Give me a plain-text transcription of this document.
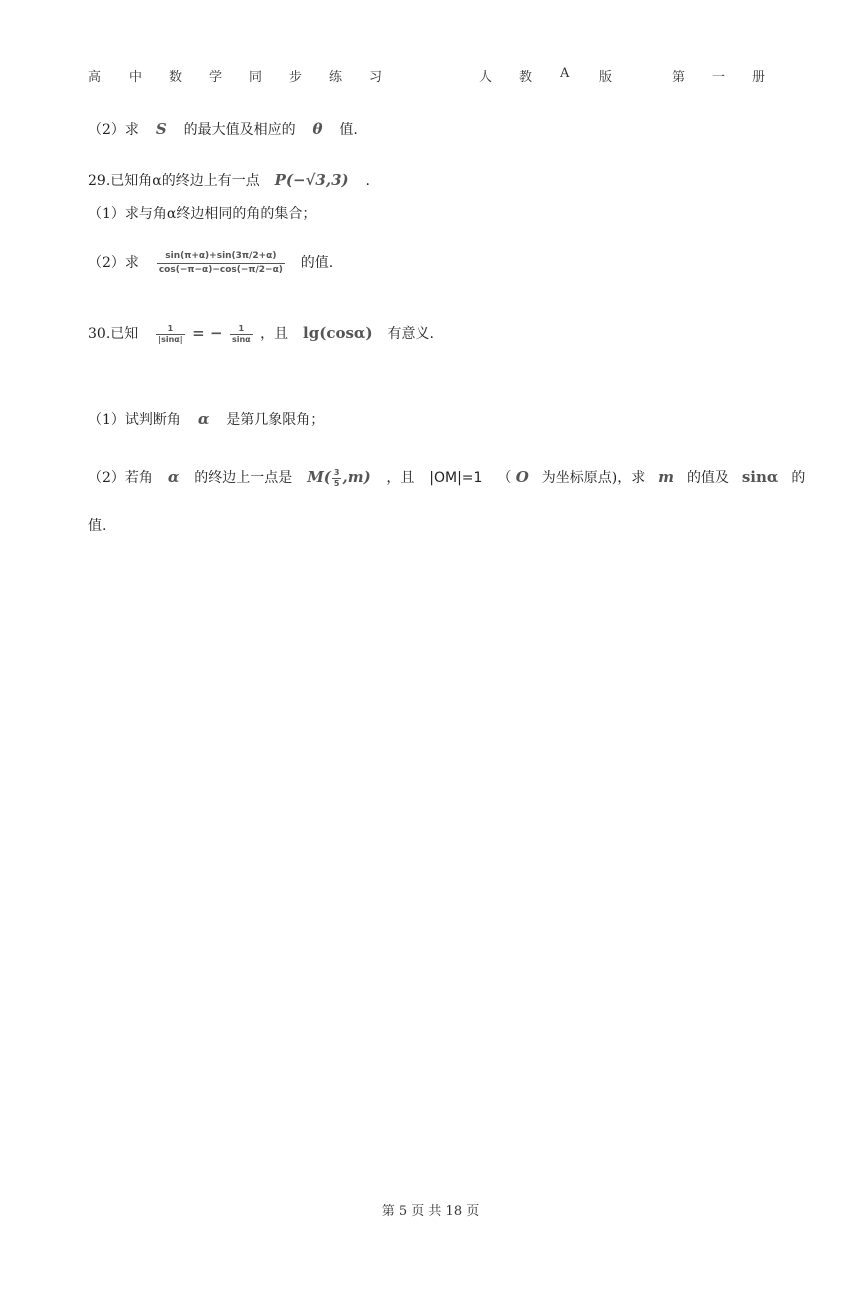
高 中 数 学 同 步 练 习	人 教 A 版	第 一 册
（2）求 S 的最大值及相应的 θ 值.
29.已知角α的终边上有一点 P(−√3,3) .
（1）求与角α终边相同的角的集合；
（2）求 $\frac{\sin(\pi+\alpha)+\sin(3\pi/2+\alpha)}{\cos(-\pi-\alpha)-\cos(-\pi/2-\alpha)}$ 的值.
30.已知 $\frac{1}{|\sin\alpha|}$ = − $\frac{1}{\sin\alpha}$ ，且 lg(cosα) 有意义.
（1）试判断角 α 是第几象限角；
（2）若角 α 的终边上一点是 $M( \frac{3}{5} ,m)$ ，且 |OM|=1 （ O 为坐标原点)，求 m 的值及 sinα 的
值.
第 5 页 共 18 页
